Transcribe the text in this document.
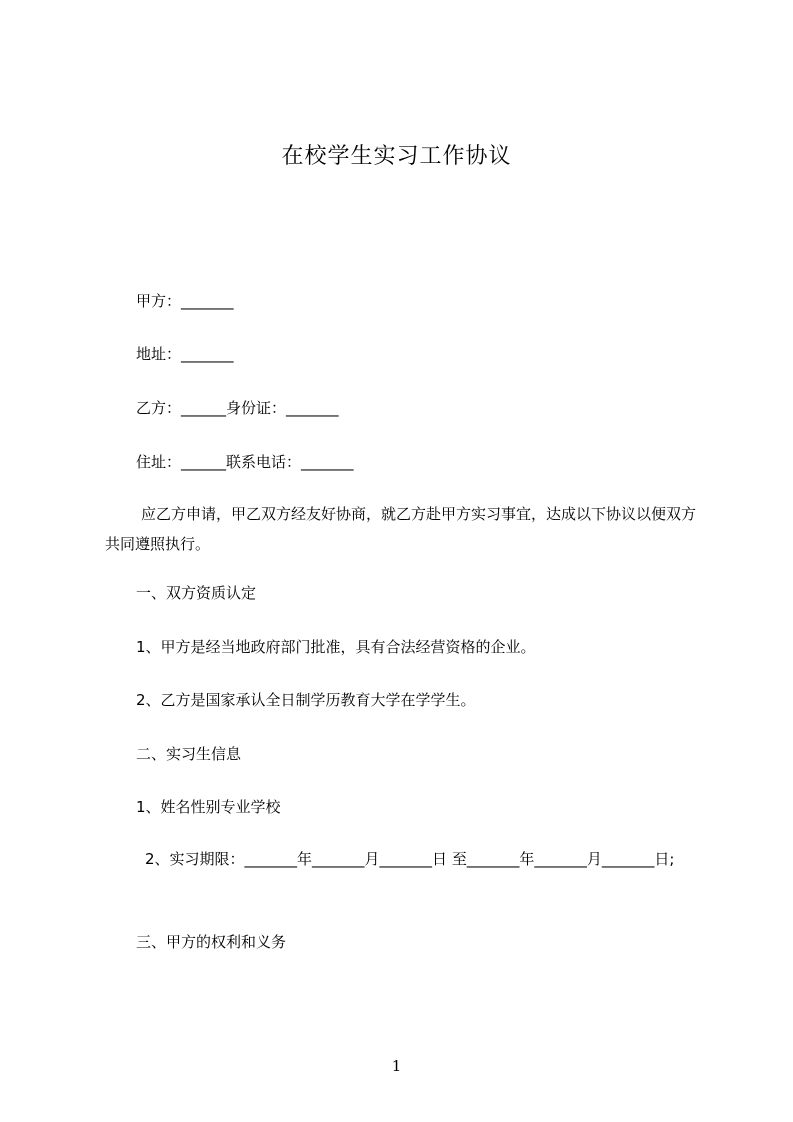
在校学生实习工作协议
甲方：_______
地址：_______
乙方：______身份证：_______
住址：______联系电话：_______
应乙方申请，甲乙双方经友好协商，就乙方赴甲方实习事宜，达成以下协议以便双方共同遵照执行。
一、双方资质认定
1、甲方是经当地政府部门批准，具有合法经营资格的企业。
2、乙方是国家承认全日制学历教育大学在学学生。
二、实习生信息
1、姓名性别专业学校
2、实习期限：_______年_______月_______日 至_______年_______月_______日;
三、甲方的权利和义务
1
